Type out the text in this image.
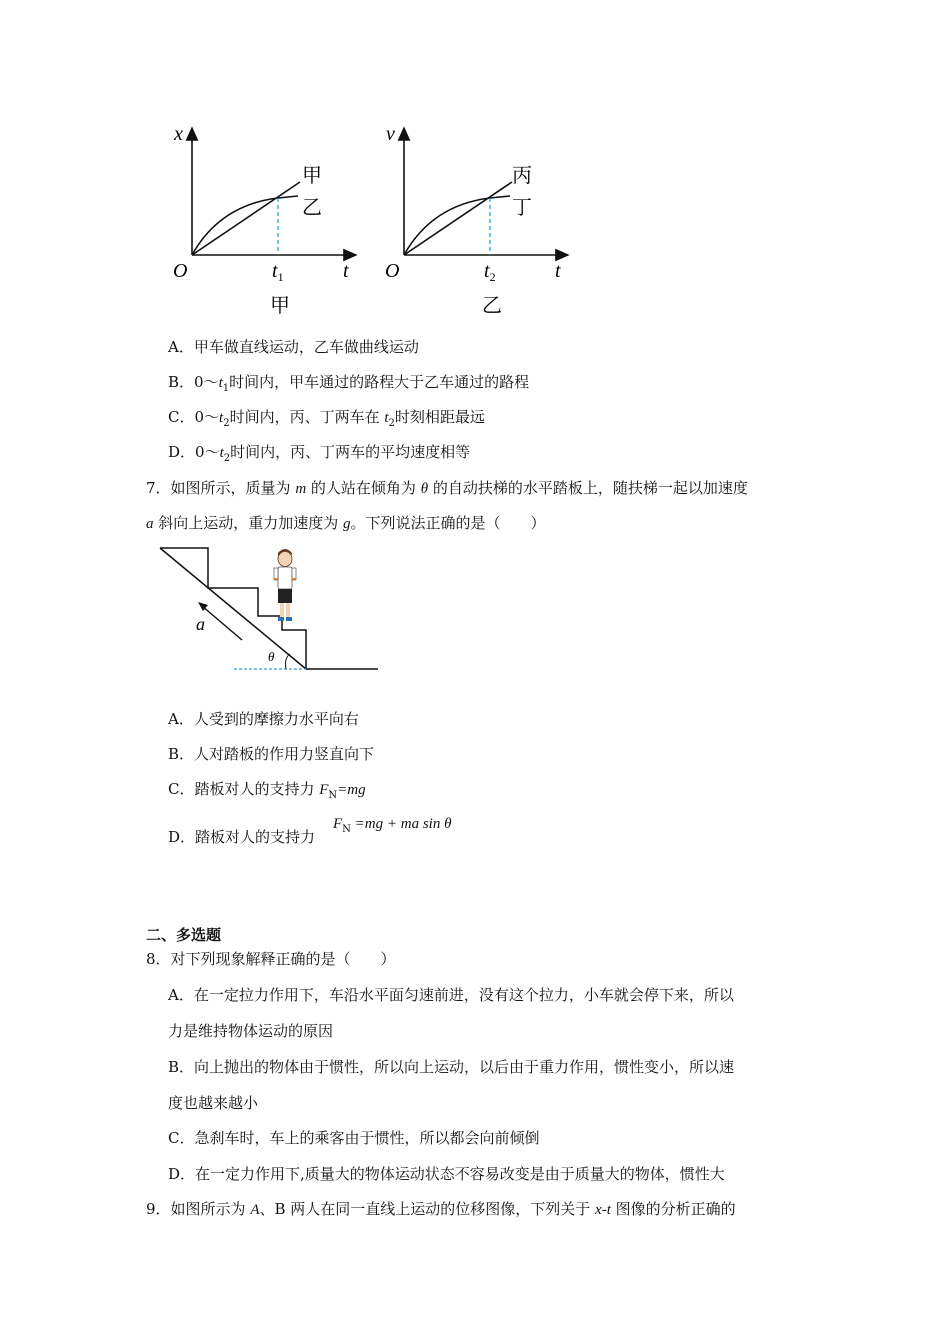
x
t
O	$t_1$
甲
乙
甲
v
t
O	$t_2$
丙
丁
乙
A．甲车做直线运动，乙车做曲线运动
B．$0\sim t_1$时间内，甲车通过的路程大于乙车通过的路程
C．$0\sim t_2$时间内，丙、丁两车在 $t_2$时刻相距最远
D．$0\sim t_2$时间内，丙、丁两车的平均速度相等
7．如图所示，质量为 m 的人站在倾角为 θ 的自动扶梯的水平踏板上，随扶梯一起以加速度
a 斜向上运动，重力加速度为 g。下列说法正确的是（　　）
a
θ
A．人受到的摩擦力水平向右
B．人对踏板的作用力竖直向下
C．踏板对人的支持力 $F_N=mg$
D．踏板对人的支持力
$F_N =mg$ + ma sin θ
二、多选题
8．对下列现象解释正确的是（　　）
A．在一定拉力作用下，车沿水平面匀速前进，没有这个拉力，小车就会停下来，所以
力是维持物体运动的原因
B．向上抛出的物体由于惯性，所以向上运动，以后由于重力作用，惯性变小，所以速
度也越来越小
C．急刹车时，车上的乘客由于惯性，所以都会向前倾倒
D．在一定力作用下,质量大的物体运动状态不容易改变是由于质量大的物体，惯性大
9．如图所示为 A、B 两人在同一直线上运动的位移图像，下列关于 x-t 图像的分析正确的
